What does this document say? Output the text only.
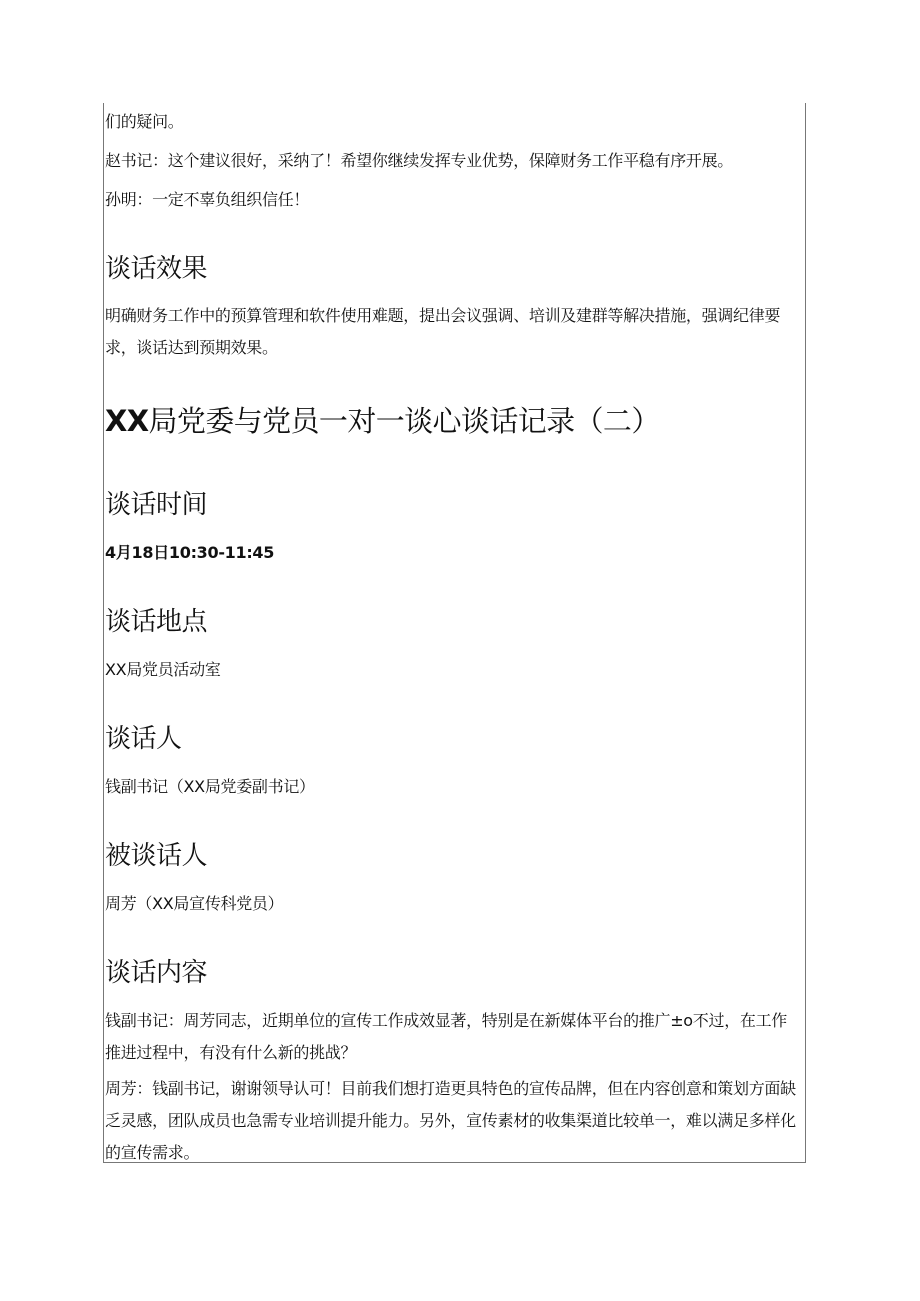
们的疑问。

赵书记：这个建议很好，采纳了！希望你继续发挥专业优势，保障财务工作平稳有序开展。

孙明：一定不辜负组织信任！

谈话效果

明确财务工作中的预算管理和软件使用难题，提出会议强调、培训及建群等解决措施，强调纪律要求，谈话达到预期效果。

XX局党委与党员一对一谈心谈话记录（二）
谈话时间

4月18日10:30-11:45

谈话地点

XX局党员活动室

谈话人

钱副书记（XX局党委副书记）

被谈话人

周芳（XX局宣传科党员）

谈话内容

钱副书记：周芳同志，近期单位的宣传工作成效显著，特别是在新媒体平台的推广±o不过，在工作推进过程中，有没有什么新的挑战？

周芳：钱副书记，谢谢领导认可！目前我们想打造更具特色的宣传品牌，但在内容创意和策划方面缺乏灵感，团队成员也急需专业培训提升能力。另外，宣传素材的收集渠道比较单一，难以满足多样化的宣传需求。
